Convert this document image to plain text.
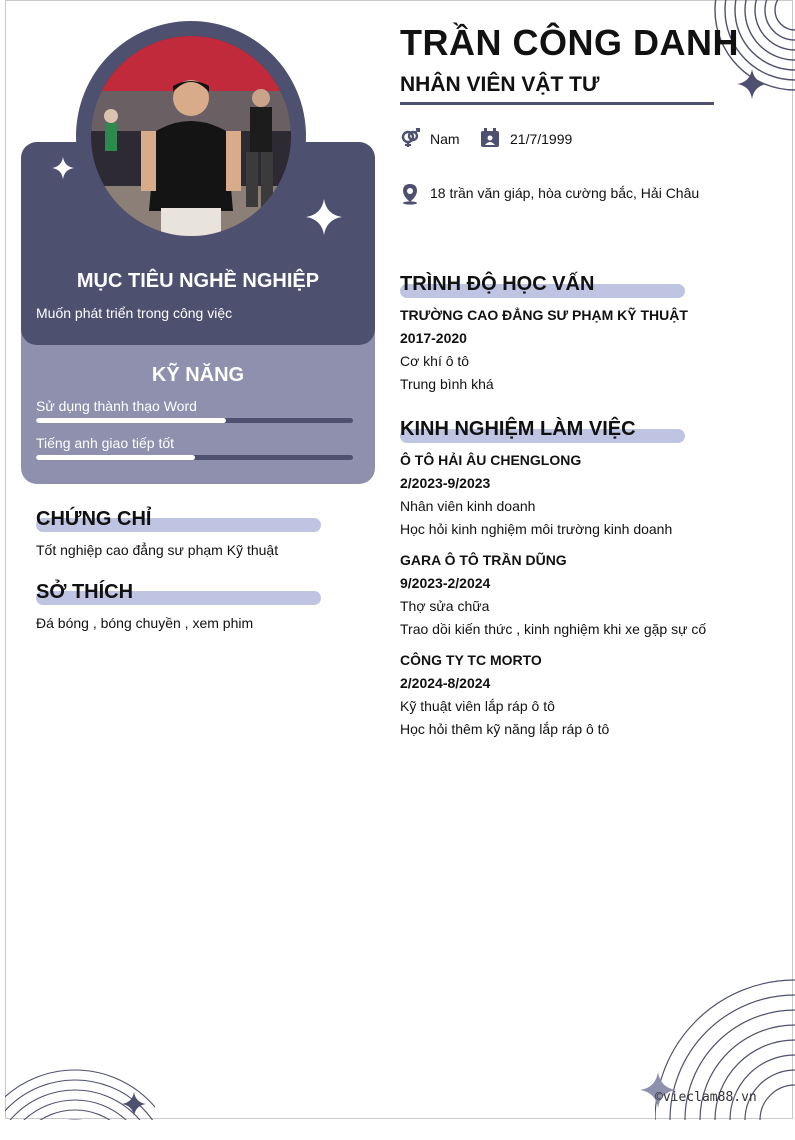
MỤC TIÊU NGHỀ NGHIỆP
Muốn phát triển trong công việc
KỸ NĂNG
Sử dụng thành thạo Word
Tiếng anh giao tiếp tốt
CHỨNG CHỈ
Tốt nghiệp cao đẳng sư phạm Kỹ thuật
SỞ THÍCH
Đá bóng , bóng chuyền , xem phim
TRẦN CÔNG DANH
NHÂN VIÊN VẬT TƯ
Nam	21/7/1999
18 trần văn giáp, hòa cường bắc, Hải Châu
TRÌNH ĐỘ HỌC VẤN
TRƯỜNG CAO ĐẲNG SƯ PHẠM KỸ THUẬT
2017-2020
Cơ khí ô tô
Trung bình khá
KINH NGHIỆM LÀM VIỆC
Ô TÔ HẢI ÂU CHENGLONG
2/2023-9/2023
Nhân viên kinh doanh
Học hỏi kinh nghiệm môi trường kinh doanh
GARA Ô TÔ TRẦN DŨNG
9/2023-2/2024
Thợ sửa chữa
Trao dồi kiến thức , kinh nghiệm khi xe gặp sự cố
CÔNG TY TC MORTO
2/2024-8/2024
Kỹ thuật viên lắp ráp ô tô
Học hỏi thêm kỹ năng lắp ráp ô tô
©vieclam88.vn
